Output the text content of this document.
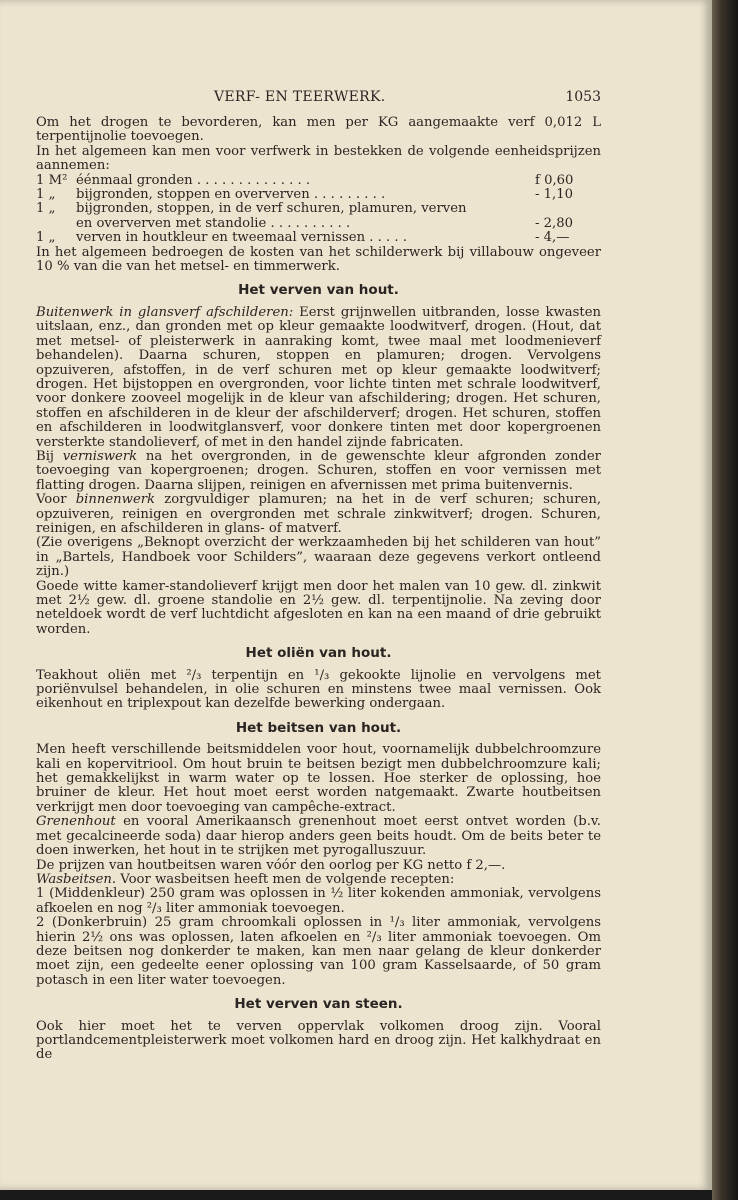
VERF- EN TEERWERK.	1053

Om het drogen te bevorderen, kan men per KG aangemaakte verf 0,012 L terpentijnolie toevoegen.

In het algemeen kan men voor verfwerk in bestekken de volgende eenheidsprijzen aannemen:

1 M² éénmaal gronden . . . . . . . . . . . . . .	f 0,60
1 „	bijgronden, stoppen en oververven . . . . . . . . .	- 1,10
1 „	bijgronden, stoppen, in de verf schuren, plamuren, verven
en oververven met standolie . . . . . . . . . .	- 2,80
1 „	verven in houtkleur en tweemaal vernissen . . . . .	- 4,—

In het algemeen bedroegen de kosten van het schilderwerk bij villabouw ongeveer 10 % van die van het metsel- en timmerwerk.

Het verven van hout.

Buitenwerk in glansverf afschilderen: Eerst grijnwellen uitbranden, losse kwasten uitslaan, enz., dan gronden met op kleur gemaakte loodwitverf, drogen. (Hout, dat met metsel- of pleisterwerk in aanraking komt, twee maal met loodmenieverf behandelen). Daarna schuren, stoppen en plamuren; drogen. Vervolgens opzuiveren, afstoffen, in de verf schuren met op kleur gemaakte loodwitverf; drogen. Het bijstoppen en overgronden, voor lichte tinten met schrale loodwitverf, voor donkere zooveel mogelijk in de kleur van afschildering; drogen. Het schuren, stoffen en afschilderen in de kleur der afschilderverf; drogen. Het schuren, stoffen en afschilderen in loodwitglansverf, voor donkere tinten met door kopergroenen versterkte standolieverf, of met in den handel zijnde fabricaten.

Bij verniswerk na het overgronden, in de gewenschte kleur afgronden zonder toevoeging van kopergroenen; drogen. Schuren, stoffen en voor vernissen met flatting drogen. Daarna slijpen, reinigen en afvernissen met prima buitenvernis.

Voor binnenwerk zorgvuldiger plamuren; na het in de verf schuren; schuren, opzuiveren, reinigen en overgronden met schrale zinkwitverf; drogen. Schuren, reinigen, en afschilderen in glans- of matverf.

(Zie overigens „Beknopt overzicht der werkzaamheden bij het schilderen van hout” in „Bartels, Handboek voor Schilders”, waaraan deze gegevens verkort ontleend zijn.)

Goede witte kamer-standolieverf krijgt men door het malen van 10 gew. dl. zinkwit met 2½ gew. dl. groene standolie en 2½ gew. dl. terpentijnolie. Na zeving door neteldoek wordt de verf luchtdicht afgesloten en kan na een maand of drie gebruikt worden.

Het oliën van hout.

Teakhout oliën met ²/₃ terpentijn en ¹/₃ gekookte lijnolie en vervolgens met poriënvulsel behandelen, in olie schuren en minstens twee maal vernissen. Ook eikenhout en triplexpout kan dezelfde bewerking ondergaan.

Het beitsen van hout.

Men heeft verschillende beitsmiddelen voor hout, voornamelijk dubbelchroomzure kali en kopervitriool. Om hout bruin te beitsen bezigt men dubbelchroomzure kali; het gemakkelijkst in warm water op te lossen. Hoe sterker de oplossing, hoe bruiner de kleur. Het hout moet eerst worden natgemaakt. Zwarte houtbeitsen verkrijgt men door toevoeging van campêche-extract.

Grenenhout en vooral Amerikaansch grenenhout moet eerst ontvet worden (b.v. met gecalcineerde soda) daar hierop anders geen beits houdt. Om de beits beter te doen inwerken, het hout in te strijken met pyrogalluszuur.

De prijzen van houtbeitsen waren vóór den oorlog per KG netto f 2,—.

Wasbeitsen. Voor wasbeitsen heeft men de volgende recepten:

1 (Middenkleur) 250 gram was oplossen in ½ liter kokenden ammoniak, vervolgens afkoelen en nog ²/₃ liter ammoniak toevoegen.

2 (Donkerbruin) 25 gram chroomkali oplossen in ¹/₃ liter ammoniak, vervolgens hierin 2½ ons was oplossen, laten afkoelen en ²/₃ liter ammoniak toevoegen. Om deze beitsen nog donkerder te maken, kan men naar gelang de kleur donkerder moet zijn, een gedeelte eener oplossing van 100 gram Kasselsaarde, of 50 gram potasch in een liter water toevoegen.

Het verven van steen.

Ook hier moet het te verven oppervlak volkomen droog zijn. Vooral portlandcementpleisterwerk moet volkomen hard en droog zijn. Het kalkhydraat en de
